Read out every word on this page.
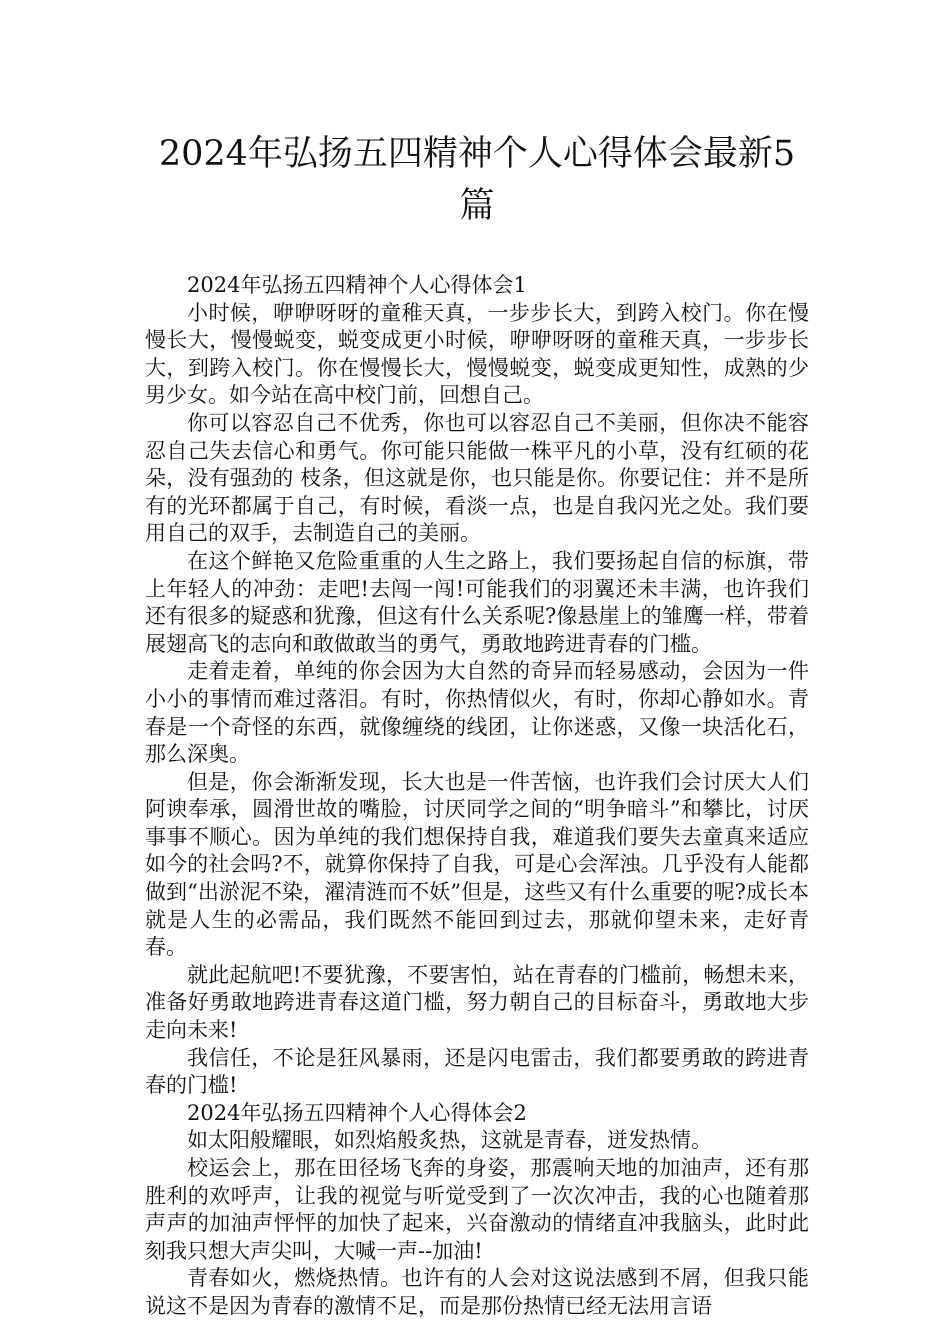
2024年弘扬五四精神个人心得体会最新5篇

2024年弘扬五四精神个人心得体会1

小时候，咿咿呀呀的童稚天真，一步步长大，到跨入校门。你在慢慢长大，慢慢蜕变，蜕变成更小时候，咿咿呀呀的童稚天真，一步步长大，到跨入校门。你在慢慢长大，慢慢蜕变，蜕变成更知性，成熟的少男少女。如今站在高中校门前，回想自己。

你可以容忍自己不优秀，你也可以容忍自己不美丽，但你决不能容忍自己失去信心和勇气。你可能只能做一株平凡的小草，没有红硕的花朵，没有强劲的 枝条，但这就是你，也只能是你。你要记住：并不是所有的光环都属于自己，有时候，看淡一点，也是自我闪光之处。我们要用自己的双手，去制造自己的美丽。

在这个鲜艳又危险重重的人生之路上，我们要扬起自信的标旗，带上年轻人的冲劲：走吧!去闯一闯!可能我们的羽翼还未丰满，也许我们还有很多的疑惑和犹豫，但这有什么关系呢?像悬崖上的雏鹰一样，带着展翅高飞的志向和敢做敢当的勇气，勇敢地跨进青春的门槛。

走着走着，单纯的你会因为大自然的奇异而轻易感动，会因为一件小小的事情而难过落泪。有时，你热情似火，有时，你却心静如水。青春是一个奇怪的东西，就像缠绕的线团，让你迷惑，又像一块活化石，那么深奥。

但是，你会渐渐发现，长大也是一件苦恼，也许我们会讨厌大人们阿谀奉承，圆滑世故的嘴脸，讨厌同学之间的“明争暗斗”和攀比，讨厌事事不顺心。因为单纯的我们想保持自我，难道我们要失去童真来适应如今的社会吗?不，就算你保持了自我，可是心会浑浊。几乎没有人能都做到“出淤泥不染，濯清涟而不妖”但是，这些又有什么重要的呢?成长本就是人生的必需品，我们既然不能回到过去，那就仰望未来，走好青春。

就此起航吧!不要犹豫，不要害怕，站在青春的门槛前，畅想未来，准备好勇敢地跨进青春这道门槛，努力朝自己的目标奋斗，勇敢地大步走向未来!

我信任，不论是狂风暴雨，还是闪电雷击，我们都要勇敢的跨进青春的门槛!

2024年弘扬五四精神个人心得体会2

如太阳般耀眼，如烈焰般炙热，这就是青春，迸发热情。

校运会上，那在田径场飞奔的身姿，那震响天地的加油声，还有那胜利的欢呼声，让我的视觉与听觉受到了一次次冲击，我的心也随着那声声的加油声怦怦的加快了起来，兴奋激动的情绪直冲我脑头，此时此刻我只想大声尖叫，大喊一声--加油!

青春如火，燃烧热情。也许有的人会对这说法感到不屑，但我只能说这不是因为青春的激情不足，而是那份热情已经无法用言语
